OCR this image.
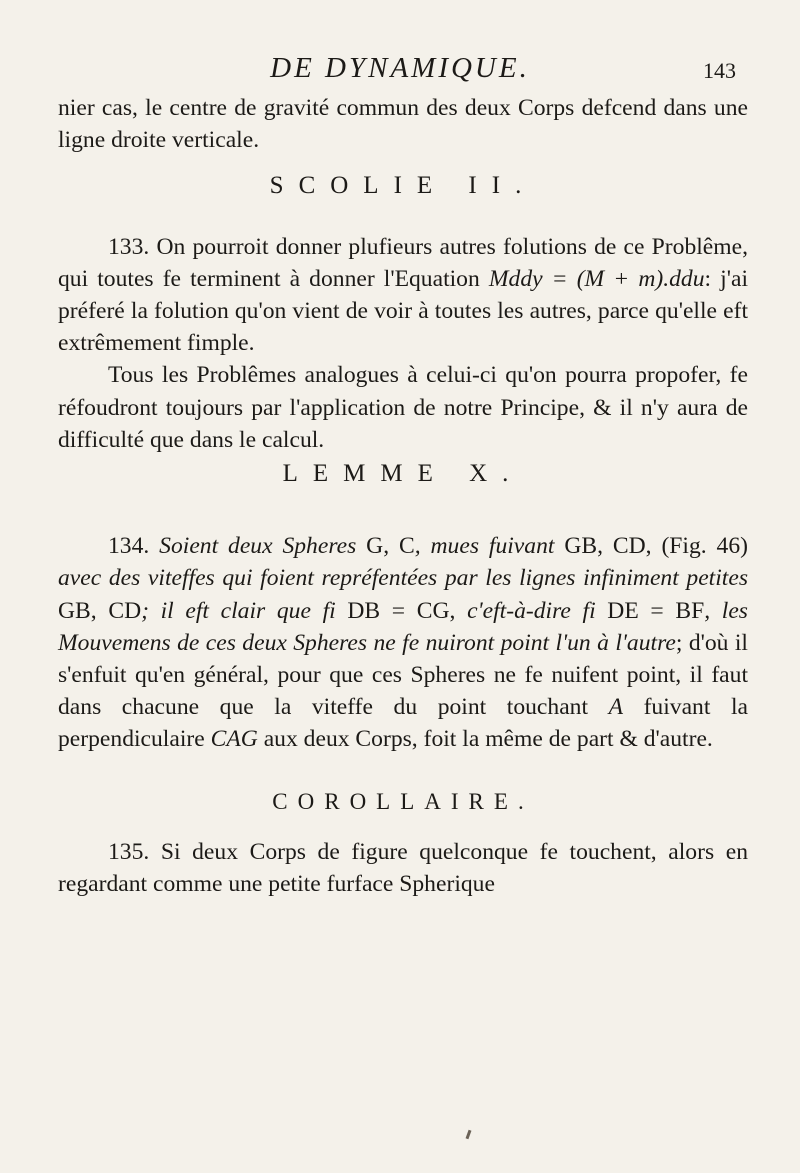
DE DYNAMIQUE.	143

nier cas, le centre de gravité commun des deux Corps defcend dans une ligne droite verticale.

SCOLIE II.

133. On pourroit donner plufieurs autres folutions de ce Problême, qui toutes fe terminent à donner l'Equation Mddy = (M + m).ddu: j'ai préferé la folution qu'on vient de voir à toutes les autres, parce qu'elle eft extrêmement fimple.

Tous les Problêmes analogues à celui-ci qu'on pourra propofer, fe réfoudront toujours par l'application de notre Principe, & il n'y aura de difficulté que dans le calcul.

LEMME X.

134. Soient deux Spheres G, C, mues fuivant GB, CD, (Fig. 46) avec des viteffes qui foient repréfentées par les lignes infiniment petites GB, CD; il eft clair que fi DB = CG, c'eft-à-dire fi DE = BF, les Mouvemens de ces deux Spheres ne fe nuiront point l'un à l'autre; d'où il s'enfuit qu'en général, pour que ces Spheres ne fe nuifent point, il faut dans chacune que la viteffe du point touchant A fuivant la perpendiculaire CAG aux deux Corps, foit la même de part & d'autre.

COROLLAIRE.

135. Si deux Corps de figure quelconque fe touchent, alors en regardant comme une petite furface Spherique
